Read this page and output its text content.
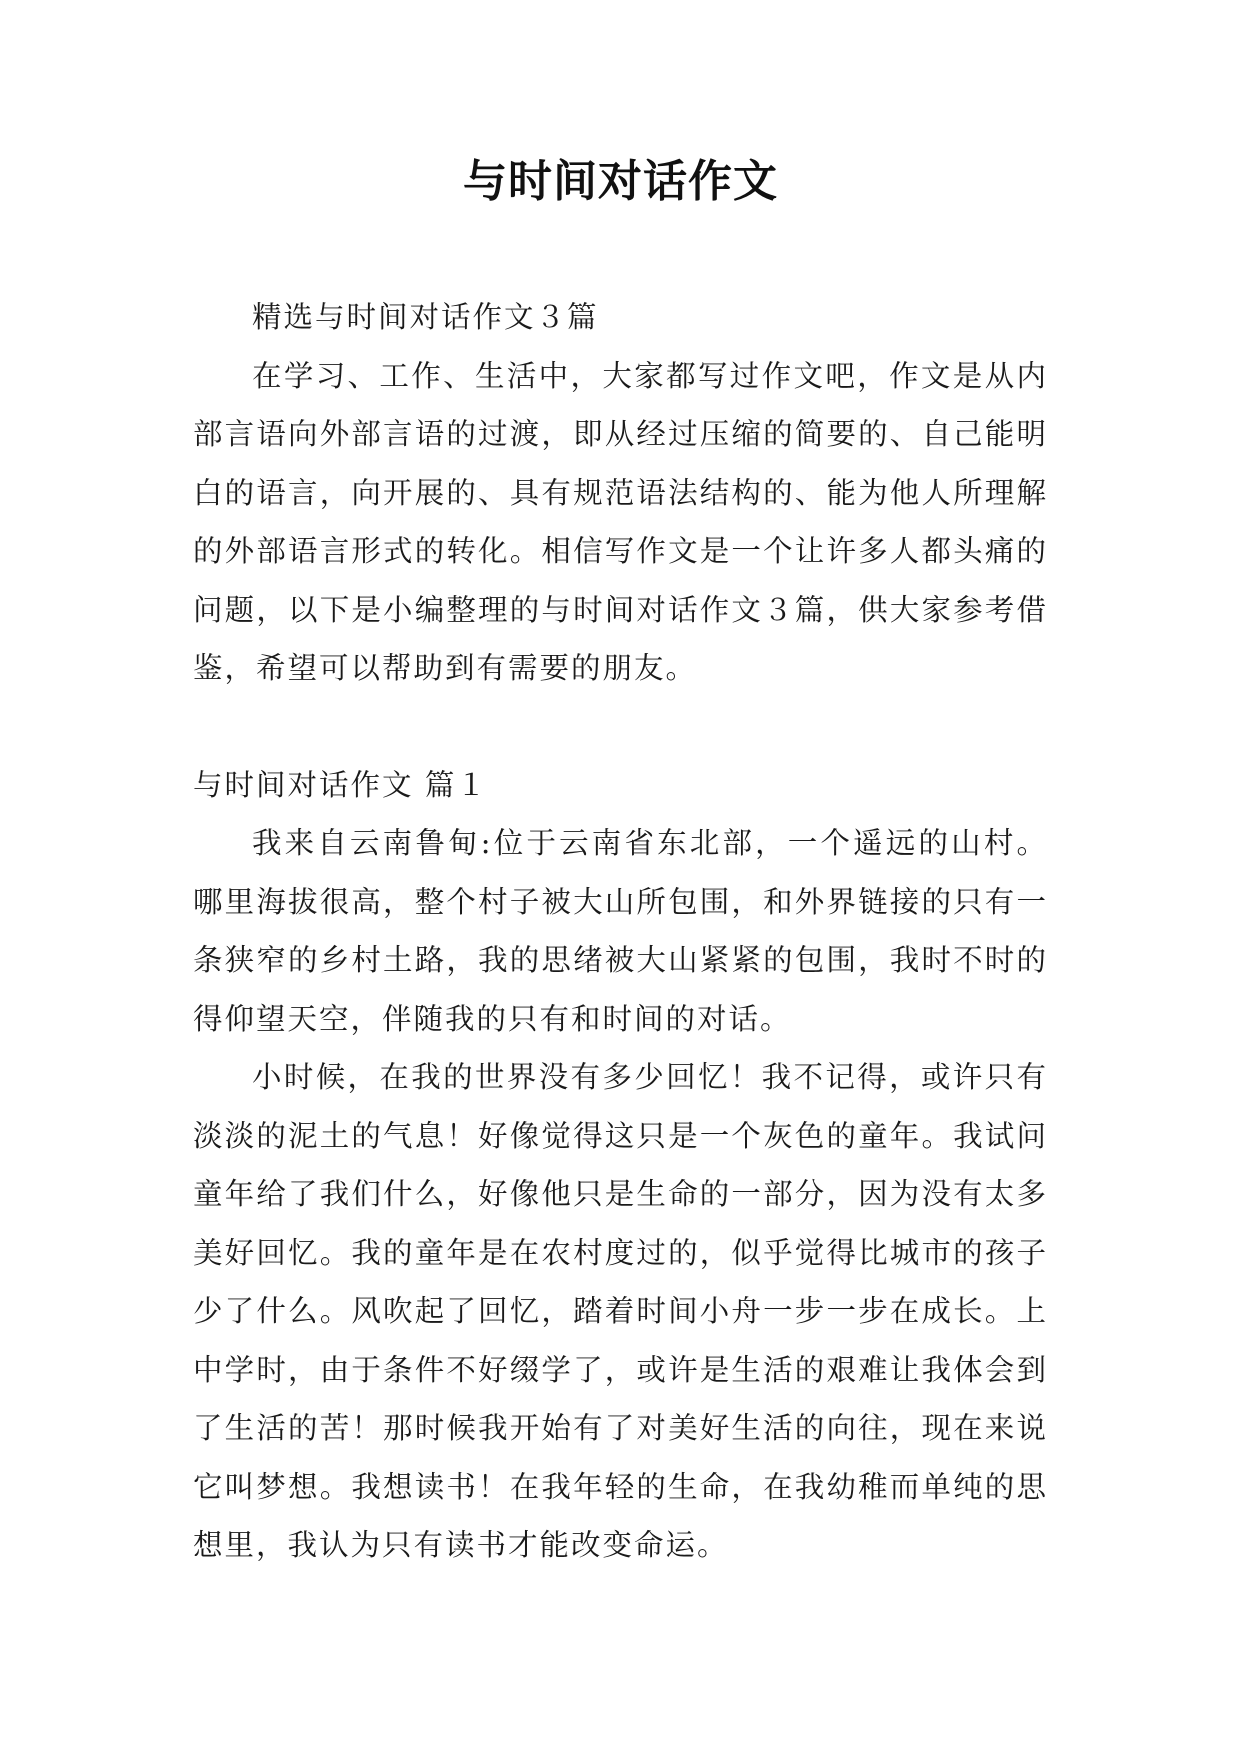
与时间对话作文

精选与时间对话作文３篇

在学习、工作、生活中，大家都写过作文吧，作文是从内部言语向外部言语的过渡，即从经过压缩的简要的、自己能明白的语言，向开展的、具有规范语法结构的、能为他人所理解的外部语言形式的转化。相信写作文是一个让许多人都头痛的问题，以下是小编整理的与时间对话作文３篇，供大家参考借鉴，希望可以帮助到有需要的朋友。

与时间对话作文 篇１

我来自云南鲁甸:位于云南省东北部，一个遥远的山村。哪里海拔很高，整个村子被大山所包围，和外界链接的只有一条狭窄的乡村土路，我的思绪被大山紧紧的包围，我时不时的得仰望天空，伴随我的只有和时间的对话。

小时候，在我的世界没有多少回忆！我不记得，或许只有淡淡的泥土的气息！好像觉得这只是一个灰色的童年。我试问童年给了我们什么，好像他只是生命的一部分，因为没有太多美好回忆。我的童年是在农村度过的，似乎觉得比城市的孩子少了什么。风吹起了回忆，踏着时间小舟一步一步在成长。上中学时，由于条件不好缀学了，或许是生活的艰难让我体会到了生活的苦！那时候我开始有了对美好生活的向往，现在来说它叫梦想。我想读书！在我年轻的生命，在我幼稚而单纯的思想里，我认为只有读书才能改变命运。
